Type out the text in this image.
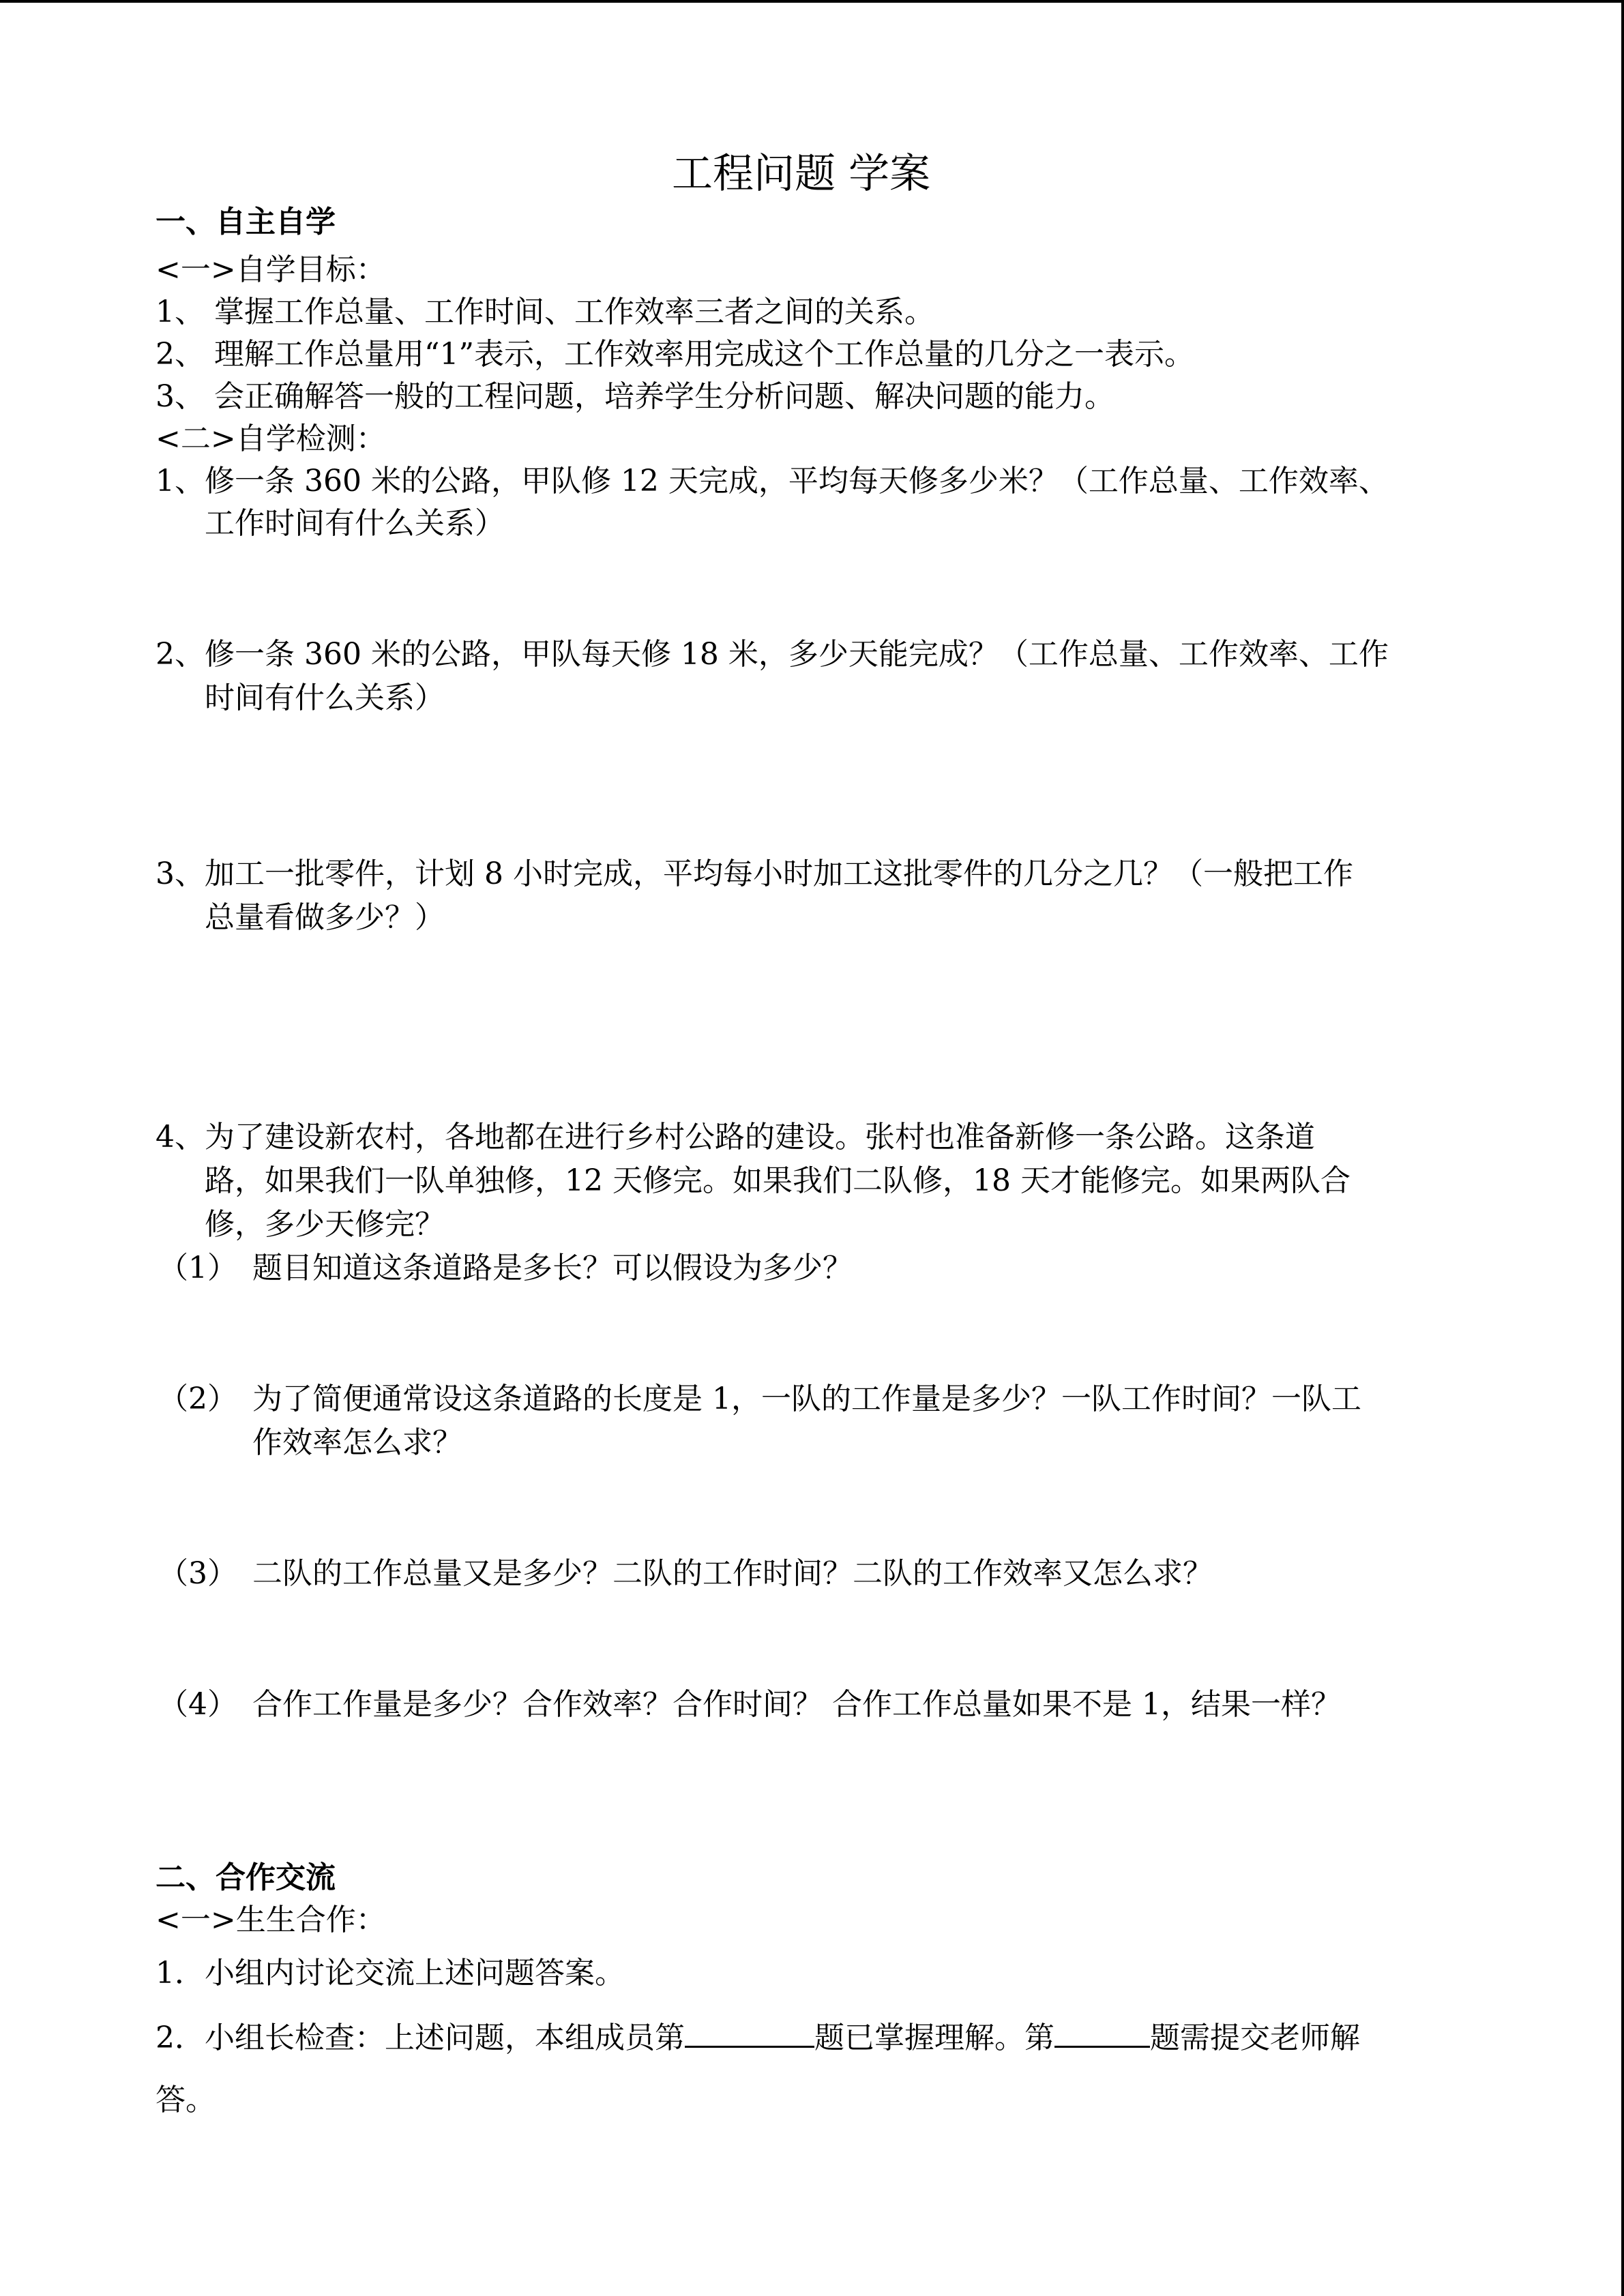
工程问题 学案
一、自主自学
<一>自学目标：
1、 掌握工作总量、工作时间、工作效率三者之间的关系。
2、 理解工作总量用“1”表示，工作效率用完成这个工作总量的几分之一表示。
3、 会正确解答一般的工程问题，培养学生分析问题、解决问题的能力。
<二>自学检测：
1、修一条 360 米的公路，甲队修 12 天完成，平均每天修多少米？（工作总量、工作效率、
工作时间有什么关系）
2、修一条 360 米的公路，甲队每天修 18 米，多少天能完成？（工作总量、工作效率、工作
时间有什么关系）
3、加工一批零件，计划 8 小时完成，平均每小时加工这批零件的几分之几？（一般把工作
总量看做多少？）
4、为了建设新农村，各地都在进行乡村公路的建设。张村也准备新修一条公路。这条道
路，如果我们一队单独修，12 天修完。如果我们二队修，18 天才能修完。如果两队合
修，多少天修完？
（1） 题目知道这条道路是多长？可以假设为多少？
（2） 为了简便通常设这条道路的长度是 1，一队的工作量是多少？一队工作时间？一队工
作效率怎么求？
（3） 二队的工作总量又是多少？二队的工作时间？二队的工作效率又怎么求？
（4） 合作工作量是多少？合作效率？合作时间？ 合作工作总量如果不是 1，结果一样？
二、合作交流
<一>生生合作：
1．小组内讨论交流上述问题答案。
2．小组长检查：上述问题，本组成员第	题已掌握理解。第	题需提交老师解
答。
